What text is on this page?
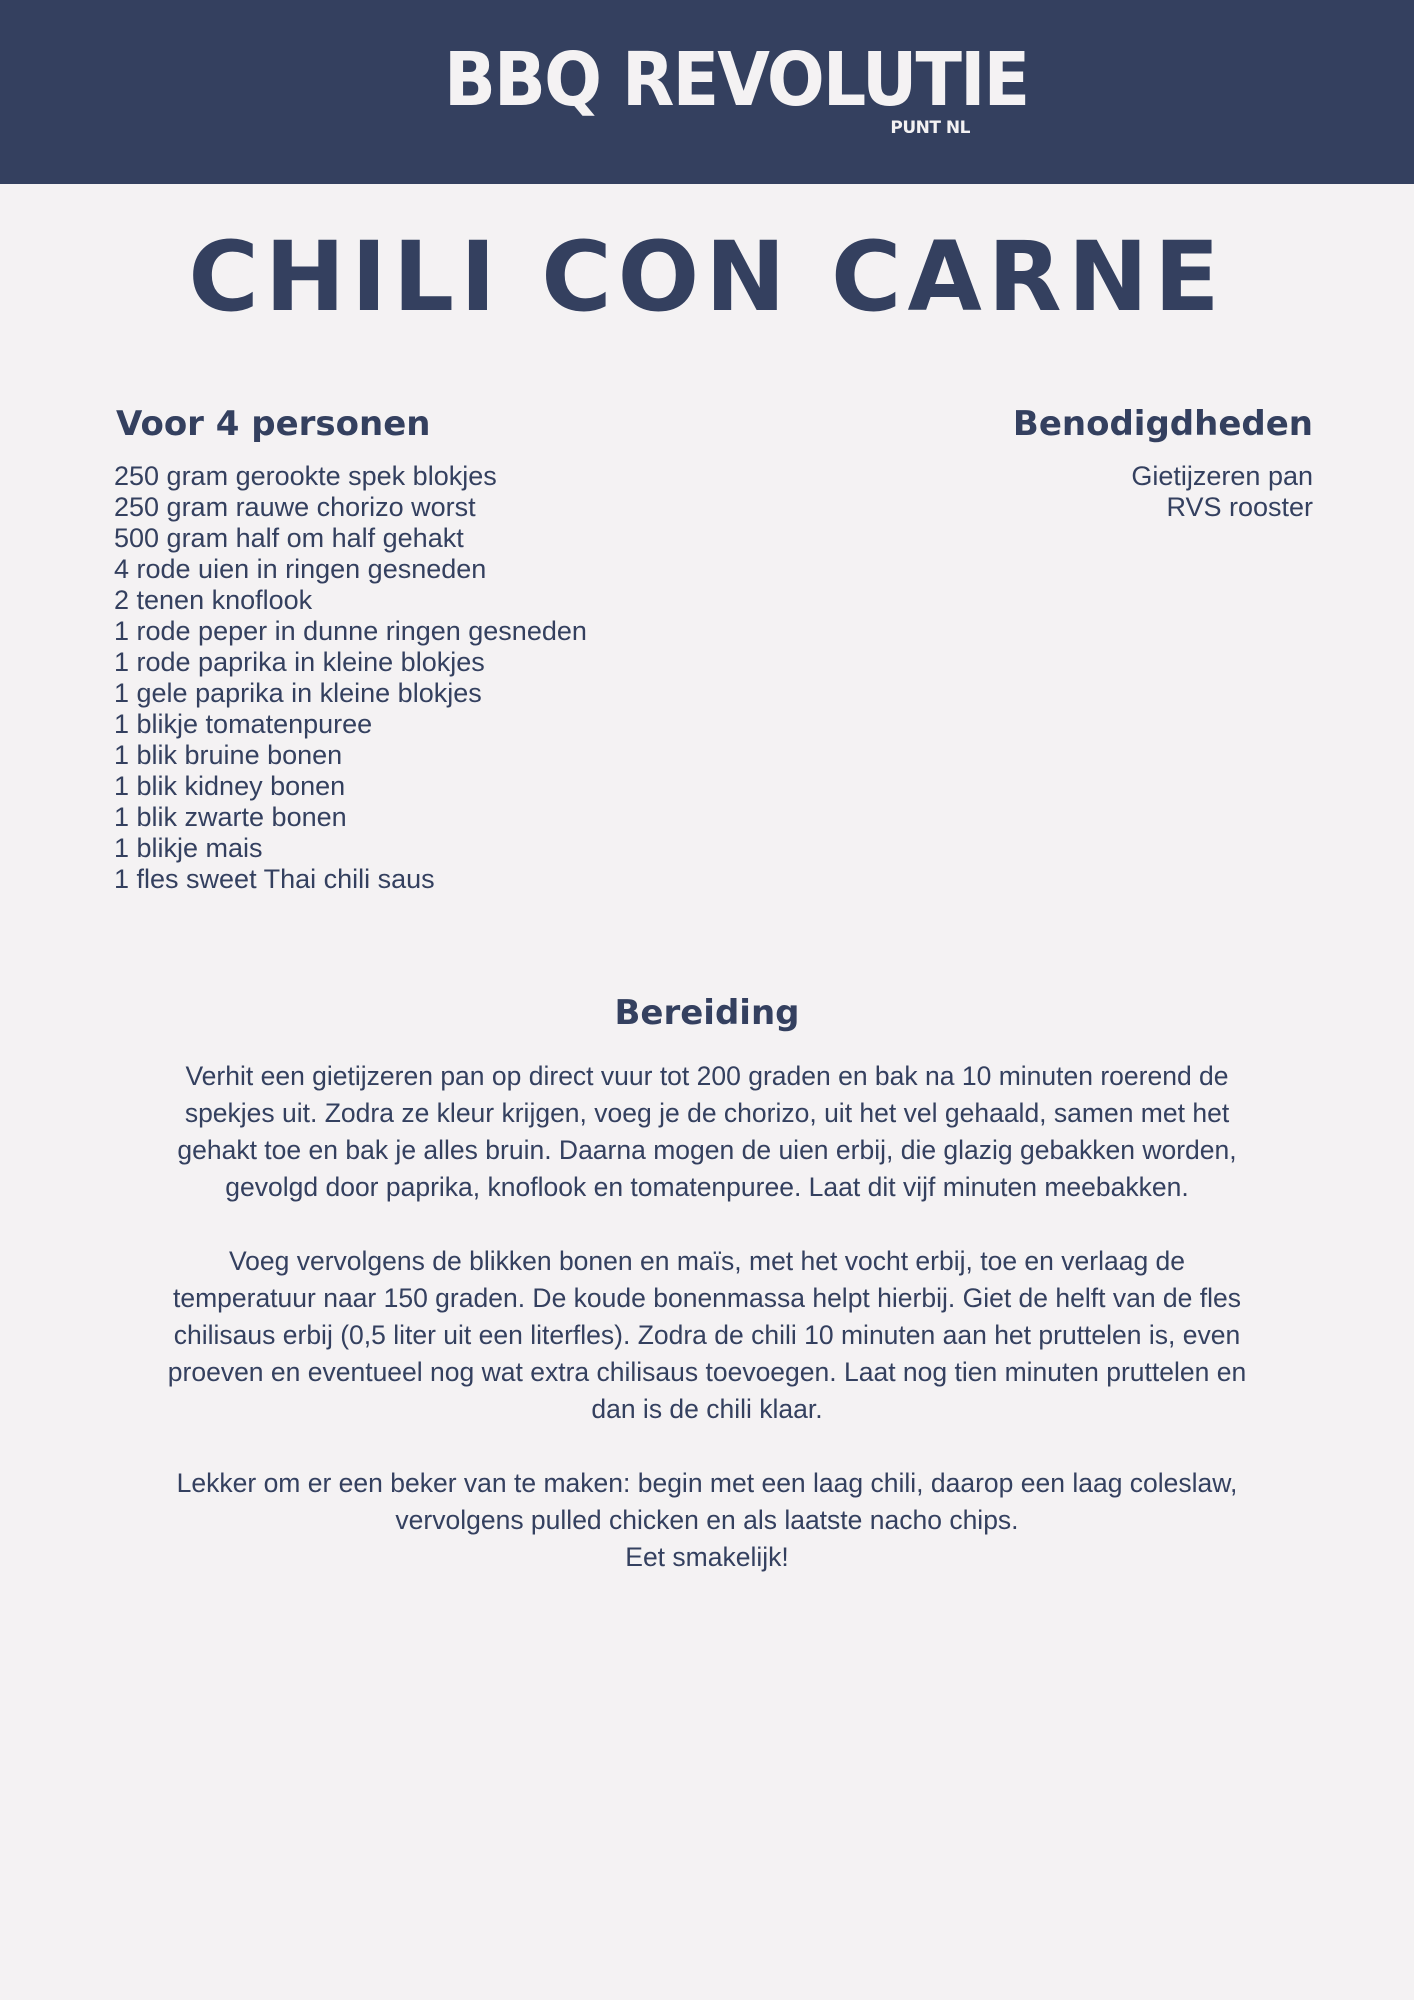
BBQ REVOLUTIE
PUNT NL
CHILI CON CARNE
Voor 4 personen
250 gram gerookte spek blokjes
250 gram rauwe chorizo worst
500 gram half om half gehakt
4 rode uien in ringen gesneden
2 tenen knoflook
1 rode peper in dunne ringen gesneden
1 rode paprika in kleine blokjes
1 gele paprika in kleine blokjes
1 blikje tomatenpuree
1 blik bruine bonen
1 blik kidney bonen
1 blik zwarte bonen
1 blikje mais
1 fles sweet Thai chili saus
Benodigdheden
Gietijzeren pan
RVS rooster
Bereiding

Verhit een gietijzeren pan op direct vuur tot 200 graden en bak na 10 minuten roerend de
spekjes uit. Zodra ze kleur krijgen, voeg je de chorizo, uit het vel gehaald, samen met het
gehakt toe en bak je alles bruin. Daarna mogen de uien erbij, die glazig gebakken worden,
gevolgd door paprika, knoflook en tomatenpuree. Laat dit vijf minuten meebakken.

Voeg vervolgens de blikken bonen en maïs, met het vocht erbij, toe en verlaag de
temperatuur naar 150 graden. De koude bonenmassa helpt hierbij. Giet de helft van de fles
chilisaus erbij (0,5 liter uit een literfles). Zodra de chili 10 minuten aan het pruttelen is, even
proeven en eventueel nog wat extra chilisaus toevoegen. Laat nog tien minuten pruttelen en
dan is de chili klaar.

Lekker om er een beker van te maken: begin met een laag chili, daarop een laag coleslaw,
vervolgens pulled chicken en als laatste nacho chips.
Eet smakelijk!
